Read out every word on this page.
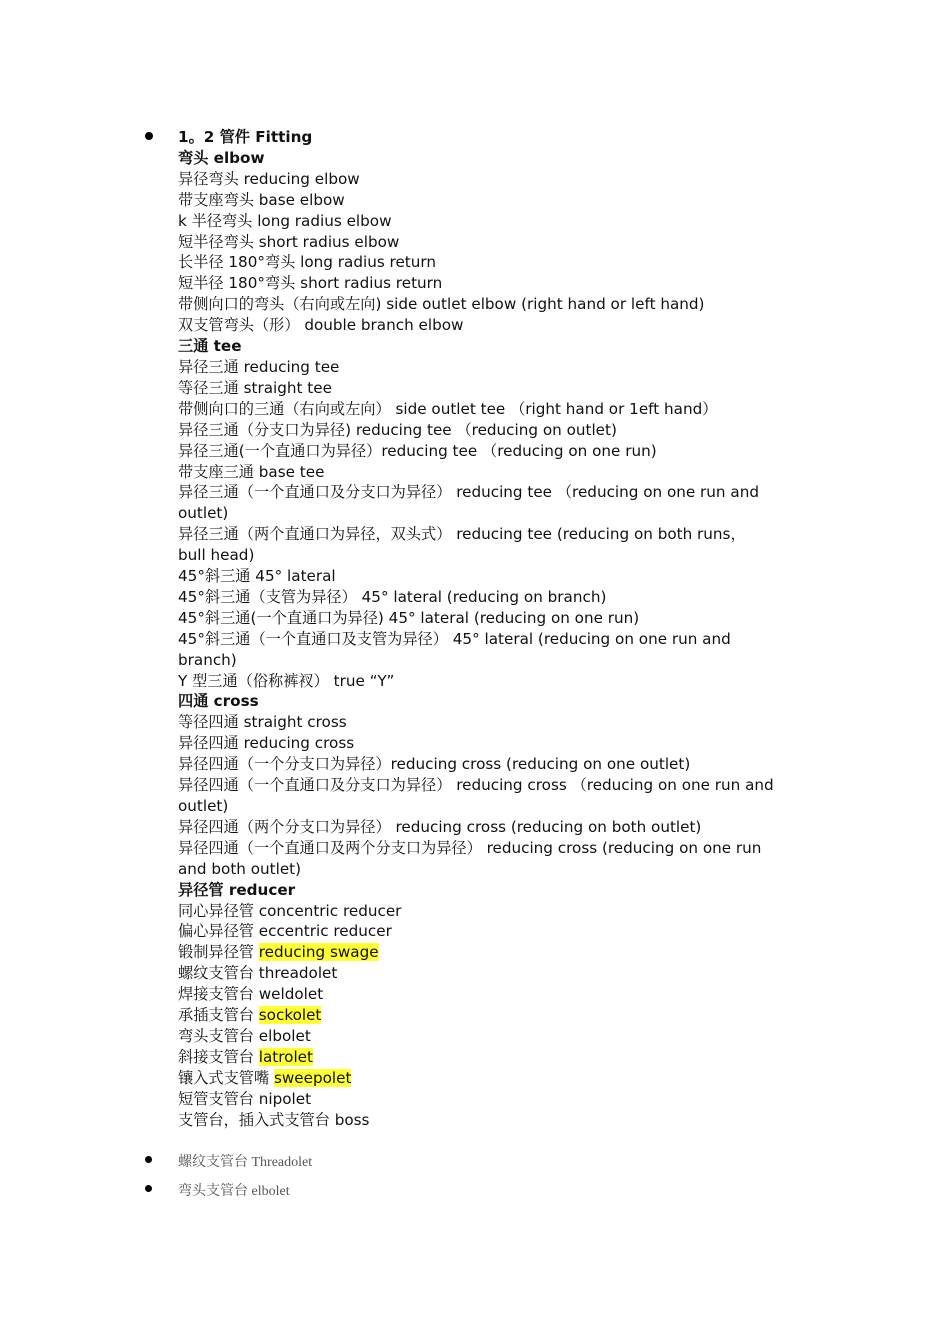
1。2 管件 Fitting
弯头 elbow
异径弯头 reducing elbow
带支座弯头 base elbow
k 半径弯头 long radius elbow
短半径弯头 short radius elbow
长半径 180°弯头 long radius return
短半径 180°弯头 short radius return
带侧向口的弯头（右向或左向) side outlet elbow (right hand or left hand)
双支管弯头（形） double branch elbow
三通 tee
异径三通 reducing tee
等径三通 straight tee
带侧向口的三通（右向或左向） side outlet tee （right hand or 1eft hand）
异径三通（分支口为异径) reducing tee （reducing on outlet)
异径三通(一个直通口为异径）reducing tee （reducing on one run)
带支座三通 base tee
异径三通（一个直通口及分支口为异径） reducing tee （reducing on one run and
outlet)
异径三通（两个直通口为异径，双头式） reducing tee (reducing on both runs，
bull head)
45°斜三通 45° lateral
45°斜三通（支管为异径） 45° lateral (reducing on branch)
45°斜三通(一个直通口为异径) 45° lateral (reducing on one run)
45°斜三通（一个直通口及支管为异径） 45° lateral (reducing on one run and
branch)
Y 型三通（俗称裤衩） true “Y”
四通 cross
等径四通 straight cross
异径四通 reducing cross
异径四通（一个分支口为异径）reducing cross (reducing on one outlet)
异径四通（一个直通口及分支口为异径） reducing cross （reducing on one run and
outlet)
异径四通（两个分支口为异径） reducing cross (reducing on both outlet)
异径四通（一个直通口及两个分支口为异径） reducing cross (reducing on one run
and both outlet)
异径管 reducer
同心异径管 concentric reducer
偏心异径管 eccentric reducer
锻制异径管 reducing swage
螺纹支管台 threadolet
焊接支管台 weldolet
承插支管台 sockolet
弯头支管台 elbolet
斜接支管台 latrolet
镶入式支管嘴 sweepolet
短管支管台 nipolet
支管台，插入式支管台 boss
螺纹支管台 Threadolet
弯头支管台 elbolet
